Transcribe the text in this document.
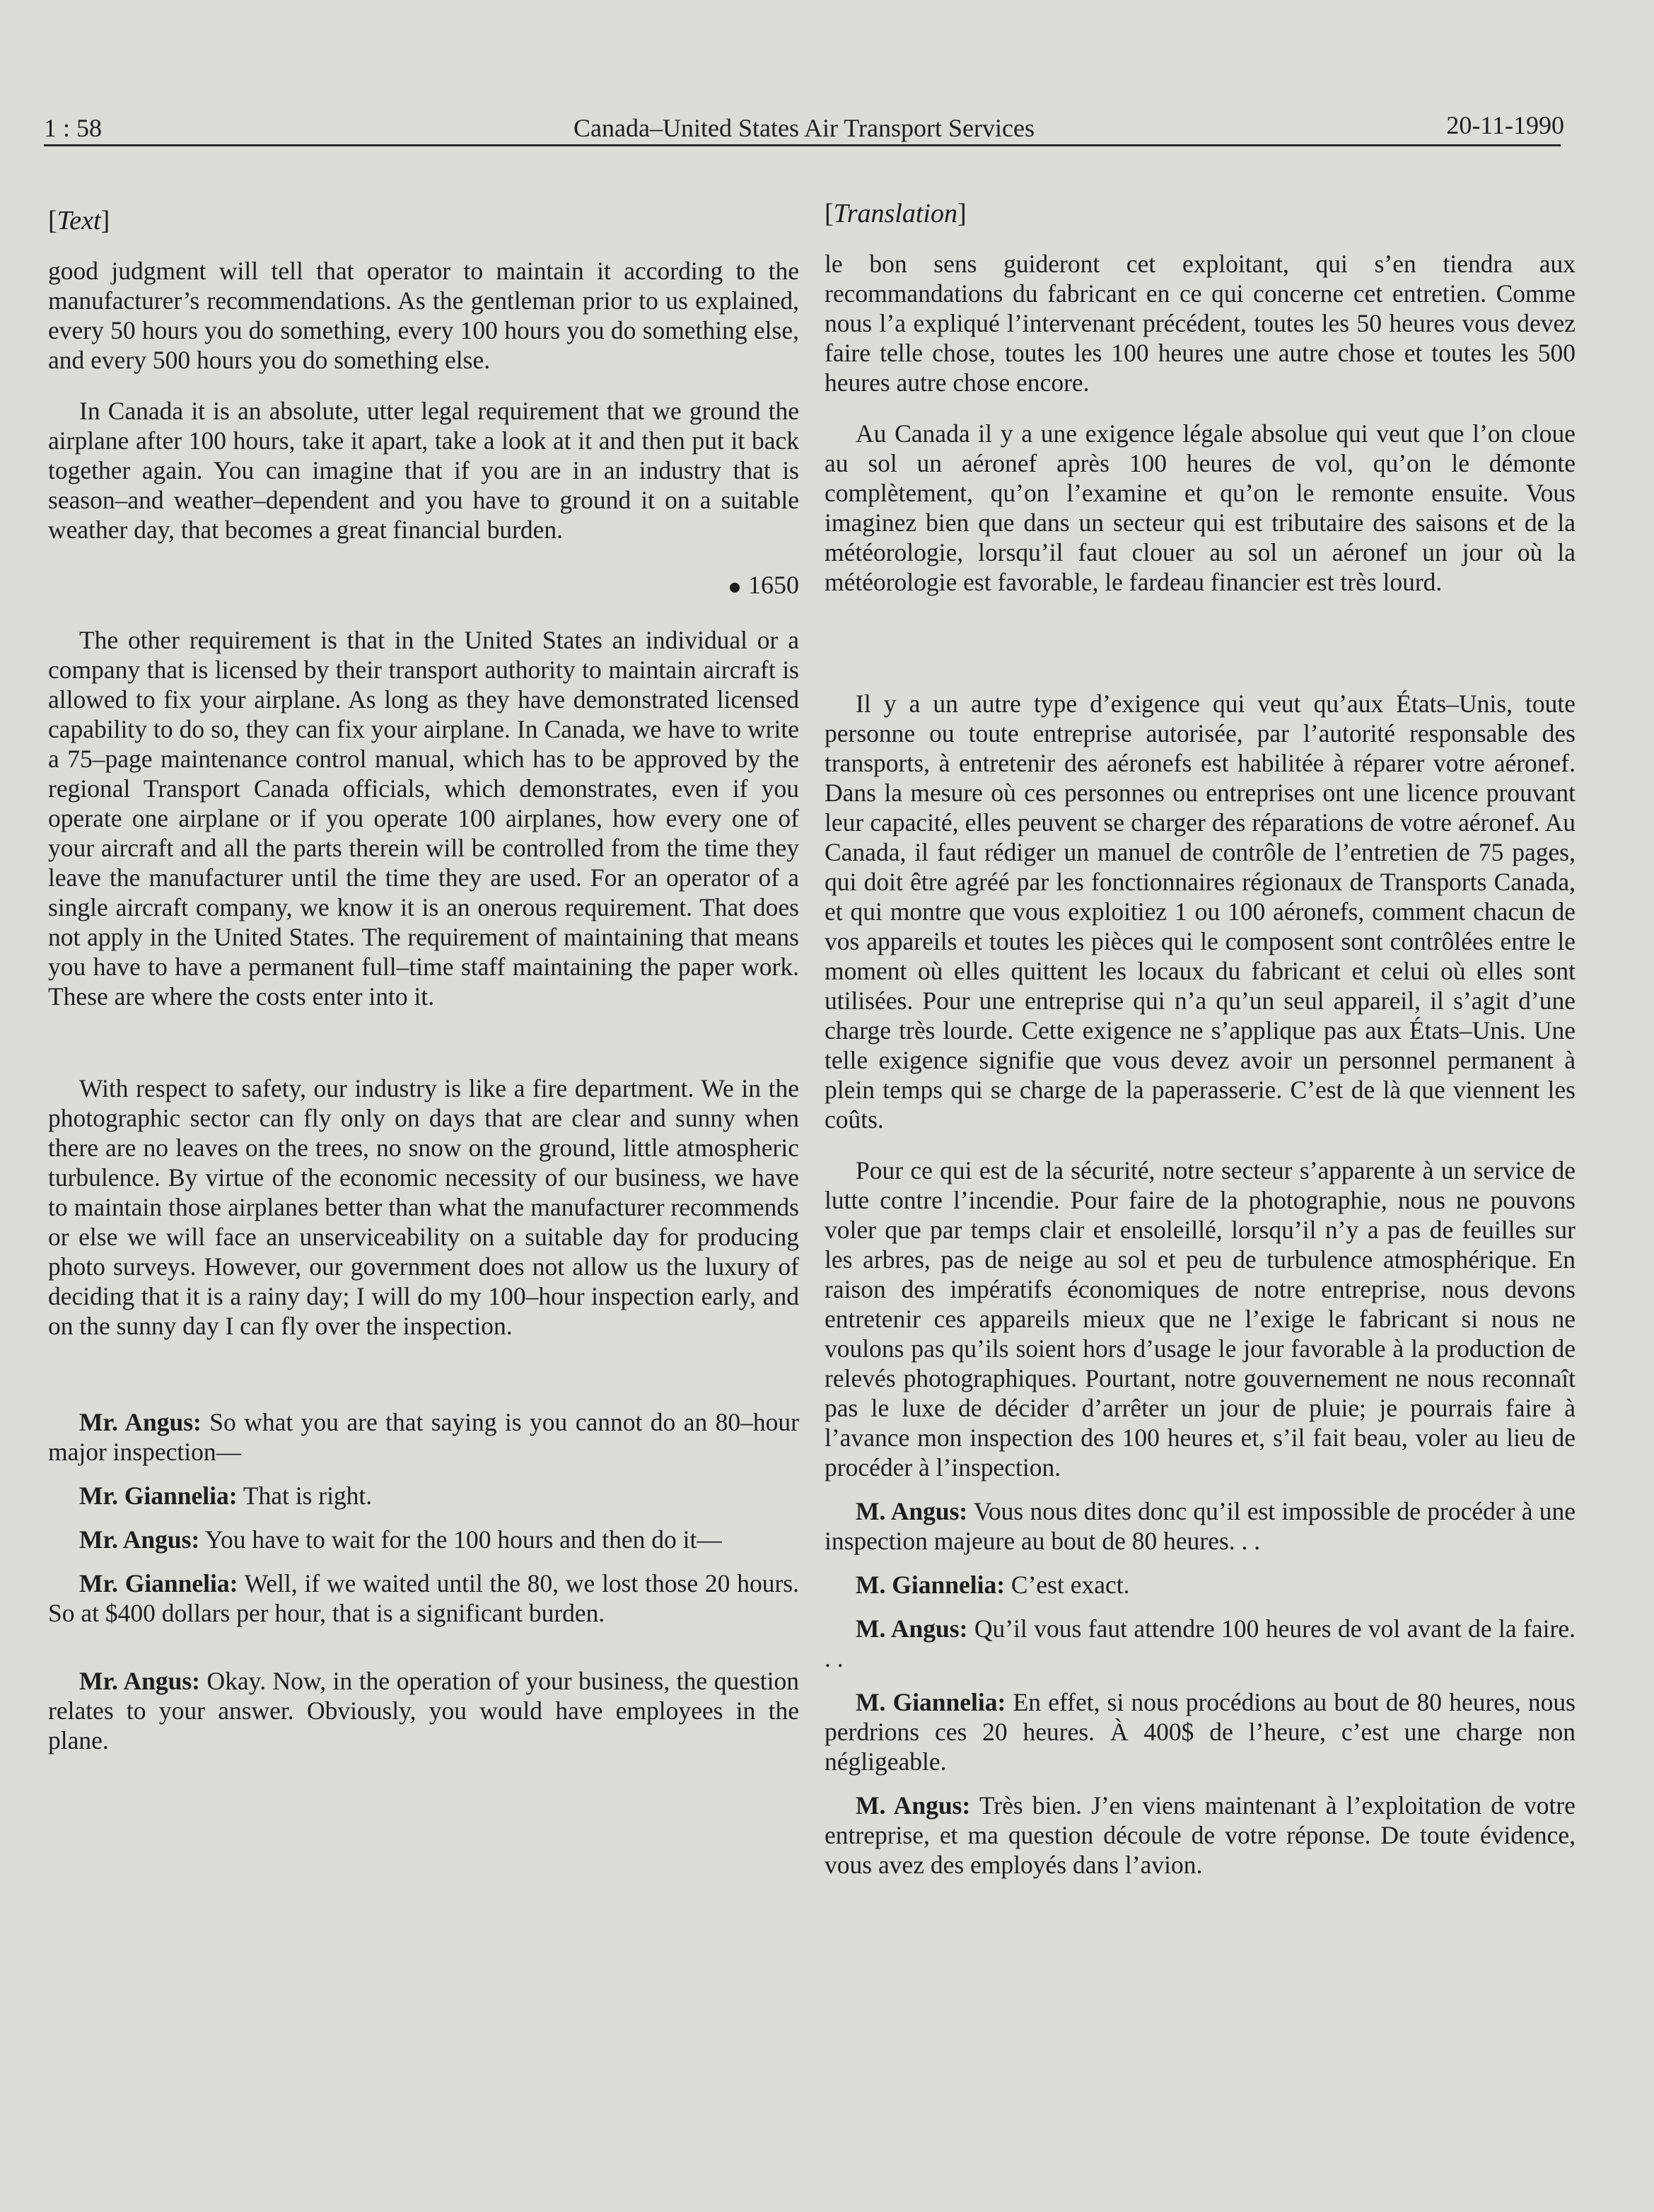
1 : 58	Canada–United States Air Transport Services	20-11-1990
[Text]

good judgment will tell that operator to maintain it according to the manufacturer’s recommendations. As the gentleman prior to us explained, every 50 hours you do something, every 100 hours you do something else, and every 500 hours you do something else.

In Canada it is an absolute, utter legal requirement that we ground the airplane after 100 hours, take it apart, take a look at it and then put it back together again. You can imagine that if you are in an industry that is season–and weather–dependent and you have to ground it on a suitable weather day, that becomes a great financial burden.

1650

The other requirement is that in the United States an individual or a company that is licensed by their transport authority to maintain aircraft is allowed to fix your airplane. As long as they have demonstrated licensed capability to do so, they can fix your airplane. In Canada, we have to write a 75–page maintenance control manual, which has to be approved by the regional Transport Canada officials, which demonstrates, even if you operate one airplane or if you operate 100 airplanes, how every one of your aircraft and all the parts therein will be controlled from the time they leave the manufacturer until the time they are used. For an operator of a single aircraft company, we know it is an onerous requirement. That does not apply in the United States. The requirement of maintaining that means you have to have a permanent full–time staff maintaining the paper work. These are where the costs enter into it.

With respect to safety, our industry is like a fire department. We in the photographic sector can fly only on days that are clear and sunny when there are no leaves on the trees, no snow on the ground, little atmospheric turbulence. By virtue of the economic necessity of our business, we have to maintain those airplanes better than what the manufacturer recommends or else we will face an unserviceability on a suitable day for producing photo surveys. However, our government does not allow us the luxury of deciding that it is a rainy day; I will do my 100–hour inspection early, and on the sunny day I can fly over the inspection.

Mr. Angus: So what you are that saying is you cannot do an 80–hour major inspection—

Mr. Giannelia: That is right.

Mr. Angus: You have to wait for the 100 hours and then do it—

Mr. Giannelia: Well, if we waited until the 80, we lost those 20 hours. So at $400 dollars per hour, that is a significant burden.

Mr. Angus: Okay. Now, in the operation of your business, the question relates to your answer. Obviously, you would have employees in the plane.

[Translation]

le bon sens guideront cet exploitant, qui s’en tiendra aux recommandations du fabricant en ce qui concerne cet entretien. Comme nous l’a expliqué l’intervenant précédent, toutes les 50 heures vous devez faire telle chose, toutes les 100 heures une autre chose et toutes les 500 heures autre chose encore.

Au Canada il y a une exigence légale absolue qui veut que l’on cloue au sol un aéronef après 100 heures de vol, qu’on le démonte complètement, qu’on l’examine et qu’on le remonte ensuite. Vous imaginez bien que dans un secteur qui est tributaire des saisons et de la météorologie, lorsqu’il faut clouer au sol un aéronef un jour où la météorologie est favorable, le fardeau financier est très lourd.

Il y a un autre type d’exigence qui veut qu’aux États–Unis, toute personne ou toute entreprise autorisée, par l’autorité responsable des transports, à entretenir des aéronefs est habilitée à réparer votre aéronef. Dans la mesure où ces personnes ou entreprises ont une licence prouvant leur capacité, elles peuvent se charger des réparations de votre aéronef. Au Canada, il faut rédiger un manuel de contrôle de l’entretien de 75 pages, qui doit être agréé par les fonctionnaires régionaux de Transports Canada, et qui montre que vous exploitiez 1 ou 100 aéronefs, comment chacun de vos appareils et toutes les pièces qui le composent sont contrôlées entre le moment où elles quittent les locaux du fabricant et celui où elles sont utilisées. Pour une entreprise qui n’a qu’un seul appareil, il s’agit d’une charge très lourde. Cette exigence ne s’applique pas aux États–Unis. Une telle exigence signifie que vous devez avoir un personnel permanent à plein temps qui se charge de la paperasserie. C’est de là que viennent les coûts.

Pour ce qui est de la sécurité, notre secteur s’apparente à un service de lutte contre l’incendie. Pour faire de la photographie, nous ne pouvons voler que par temps clair et ensoleillé, lorsqu’il n’y a pas de feuilles sur les arbres, pas de neige au sol et peu de turbulence atmosphérique. En raison des impératifs économiques de notre entreprise, nous devons entretenir ces appareils mieux que ne l’exige le fabricant si nous ne voulons pas qu’ils soient hors d’usage le jour favorable à la production de relevés photographiques. Pourtant, notre gouvernement ne nous reconnaît pas le luxe de décider d’arrêter un jour de pluie; je pourrais faire à l’avance mon inspection des 100 heures et, s’il fait beau, voler au lieu de procéder à l’inspection.

M. Angus: Vous nous dites donc qu’il est impossible de procéder à une inspection majeure au bout de 80 heures. . .

M. Giannelia: C’est exact.

M. Angus: Qu’il vous faut attendre 100 heures de vol avant de la faire. . .

M. Giannelia: En effet, si nous procédions au bout de 80 heures, nous perdrions ces 20 heures. À 400$ de l’heure, c’est une charge non négligeable.

M. Angus: Très bien. J’en viens maintenant à l’exploitation de votre entreprise, et ma question découle de votre réponse. De toute évidence, vous avez des employés dans l’avion.
